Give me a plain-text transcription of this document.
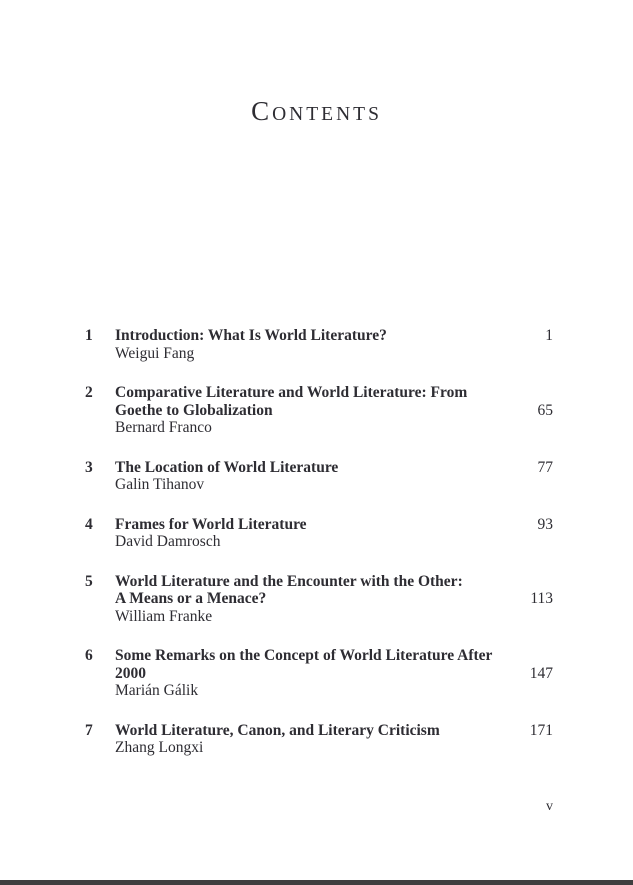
CONTENTS
1	Introduction: What Is World Literature?	1
Weigui Fang
2	Comparative Literature and World Literature: From
Goethe to Globalization	65
Bernard Franco
3	The Location of World Literature	77
Galin Tihanov
4	Frames for World Literature	93
David Damrosch
5	World Literature and the Encounter with the Other:
A Means or a Menace?	113
William Franke
6	Some Remarks on the Concept of World Literature After
2000	147
Marián Gálik
7	World Literature, Canon, and Literary Criticism	171
Zhang Longxi
v
